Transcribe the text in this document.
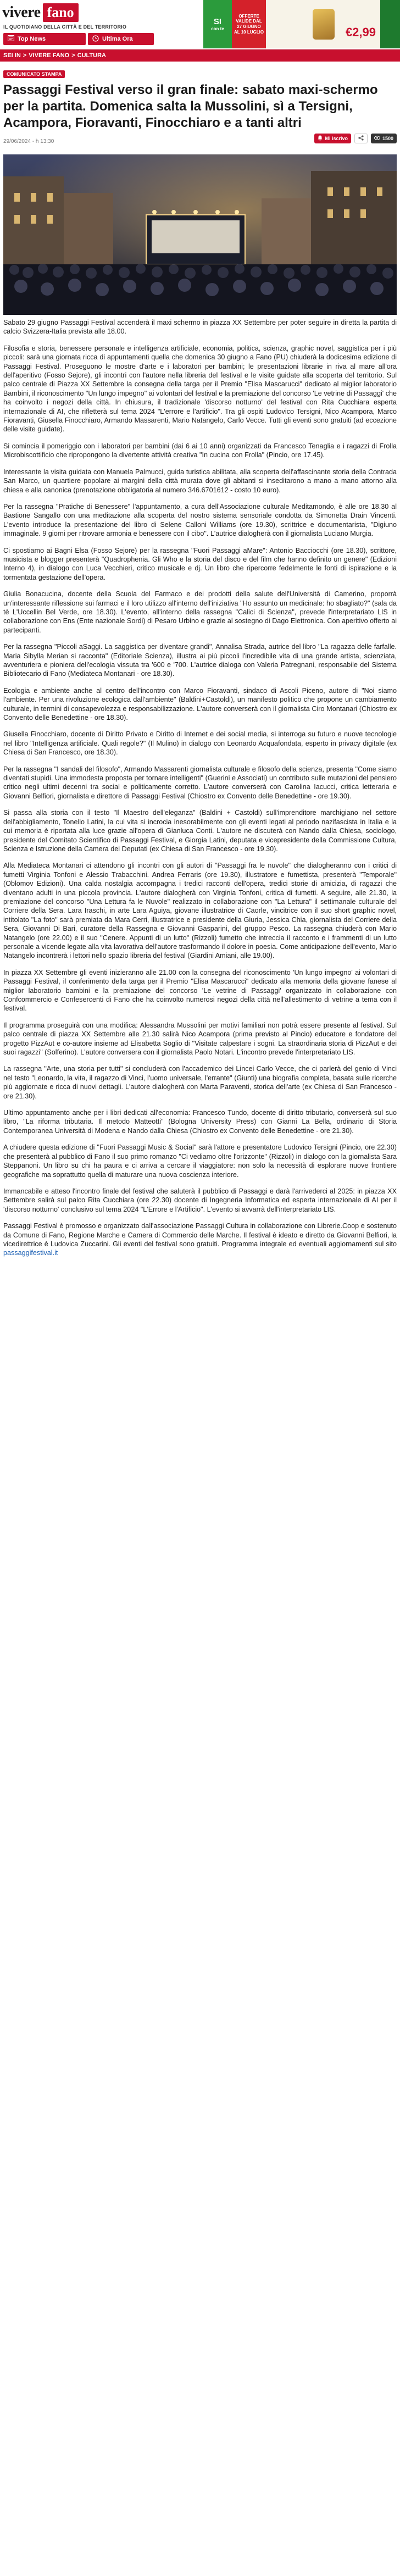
vivere fano
IL QUOTIDIANO DELLA CITTÀ E DEL TERRITORIO
Top News	Ultima Ora
SI
con te
OFFERTE VALIDE DAL 27 GIUGNO AL 10 LUGLIO	€2,99
SEI IN > VIVERE FANO > CULTURA
COMUNICATO STAMPA
Passaggi Festival verso il gran finale: sabato maxi-schermo per la partita. Domenica salta la Mussolini, sì a Tersigni, Acampora, Fioravanti, Finocchiaro e a tanti altri
29/06/2024 - h 13:30	Mi iscrivo	1500

Sabato 29 giugno Passaggi Festival accenderà il maxi schermo in piazza XX Settembre per poter seguire in diretta la partita di calcio Svizzera-Italia prevista alle 18.00.

Filosofia e storia, benessere personale e intelligenza artificiale, economia, politica, scienza, graphic novel, saggistica per i più piccoli: sarà una giornata ricca di appuntamenti quella che domenica 30 giugno a Fano (PU) chiuderà la dodicesima edizione di Passaggi Festival. Proseguono le mostre d'arte e i laboratori per bambini; le presentazioni librarie in riva al mare all'ora dell'aperitivo (Fosso Sejore), gli incontri con l'autore nella libreria del festival e le visite guidate alla scoperta del territorio. Sul palco centrale di Piazza XX Settembre la consegna della targa per il Premio "Elisa Mascarucci" dedicato al miglior laboratorio Bambini, il riconoscimento "Un lungo impegno" ai volontari del festival e la premiazione del concorso 'Le vetrine di Passaggi' che ha coinvolto i negozi della città. In chiusura, il tradizionale 'discorso notturno' del festival con Rita Cucchiara esperta internazionale di AI, che rifletterà sul tema 2024 "L'errore e l'artificio". Tra gli ospiti Ludovico Tersigni, Nico Acampora, Marco Fioravanti, Giusella Finocchiaro, Armando Massarenti, Mario Natangelo, Carlo Vecce. Tutti gli eventi sono gratuiti (ad eccezione delle visite guidate).

Si comincia il pomeriggio con i laboratori per bambini (dai 6 ai 10 anni) organizzati da Francesco Tenaglia e i ragazzi di Frolla Microbiscottificio che ripropongono la divertente attività creativa "In cucina con Frolla" (Pincio, ore 17.45).

Interessante la visita guidata con Manuela Palmucci, guida turistica abilitata, alla scoperta dell'affascinante storia della Contrada San Marco, un quartiere popolare ai margini della città murata dove gli abitanti si inseditarono a mano a mano attorno alla chiesa e alla canonica (prenotazione obbligatoria al numero 346.6701612 - costo 10 euro).

Per la rassegna "Pratiche di Benessere" l'appuntamento, a cura dell'Associazione culturale Meditamondo, è alle ore 18.30 al Bastione Sangallo con una meditazione alla scoperta del nostro sistema sensoriale condotta da Simonetta Drain Vincenti. L'evento introduce la presentazione del libro di Selene Calloni Williams (ore 19.30), scrittrice e documentarista, "Digiuno immaginale. 9 giorni per ritrovare armonia e benessere con il cibo". L'autrice dialogherà con il giornalista Luciano Murgia.

Ci spostiamo ai Bagni Elsa (Fosso Sejore) per la rassegna "Fuori Passaggi aMare": Antonio Bacciocchi (ore 18.30), scrittore, musicista e blogger presenterà "Quadrophenia. Gli Who e la storia del disco e del film che hanno definito un genere" (Edizioni Interno 4), in dialogo con Luca Vecchieri, critico musicale e dj. Un libro che ripercorre fedelmente le fonti di ispirazione e la tormentata gestazione dell'opera.

Giulia Bonacucina, docente della Scuola del Farmaco e dei prodotti della salute dell'Università di Camerino, proporrà un'interessante riflessione sui farmaci e il loro utilizzo all'interno dell'iniziativa "Ho assunto un medicinale: ho sbagliato?" (sala da tè L'Uccellin Bel Verde, ore 18.30). L'evento, all'interno della rassegna "Calici di Scienza", prevede l'interpretariato LIS in collaborazione con Ens (Ente nazionale Sordi) di Pesaro Urbino e grazie al sostegno di Dago Elettronica. Con aperitivo offerto ai partecipanti.

Per la rassegna "Piccoli aSaggi. La saggistica per diventare grandi", Annalisa Strada, autrice del libro "La ragazza delle farfalle. Maria Sibylla Merian si racconta" (Editoriale Scienza), illustra ai più piccoli l'incredibile vita di una grande artista, scienziata, avventuriera e pioniera dell'ecologia vissuta tra '600 e '700. L'autrice dialoga con Valeria Patregnani, responsabile del Sistema Bibliotecario di Fano (Mediateca Montanari - ore 18.30).

Ecologia e ambiente anche al centro dell'incontro con Marco Fioravanti, sindaco di Ascoli Piceno, autore di "Noi siamo l'ambiente. Per una rivoluzione ecologica dall'ambiente" (Baldini+Castoldi), un manifesto politico che propone un cambiamento culturale, in termini di consapevolezza e responsabilizzazione. L'autore converserà con il giornalista Ciro Montanari (Chiostro ex Convento delle Benedettine - ore 18.30).

Giusella Finocchiaro, docente di Diritto Privato e Diritto di Internet e dei social media, si interroga su futuro e nuove tecnologie nel libro "Intelligenza artificiale. Quali regole?" (Il Mulino) in dialogo con Leonardo Acquafondata, esperto in privacy digitale (ex Chiesa di San Francesco, ore 18.30).

Per la rassegna "I sandali del filosofo", Armando Massarenti giornalista culturale e filosofo della scienza, presenta "Come siamo diventati stupidi. Una immodesta proposta per tornare intelligenti" (Guerini e Associati) un contributo sulle mutazioni del pensiero critico negli ultimi decenni tra social e politicamente corretto. L'autore converserà con Carolina Iacucci, critica letteraria e Giovanni Belfiori, giornalista e direttore di Passaggi Festival (Chiostro ex Convento delle Benedettine - ore 19.30).

Si passa alla storia con il testo "Il Maestro dell'eleganza" (Baldini + Castoldi) sull'imprenditore marchigiano nel settore dell'abbigliamento, Tonello Latini, la cui vita si incrocia inesorabilmente con gli eventi legati al periodo nazifascista in Italia e la cui memoria è riportata alla luce grazie all'opera di Gianluca Conti. L'autore ne discuterà con Nando dalla Chiesa, sociologo, presidente del Comitato Scientifico di Passaggi Festival, e Giorgia Latini, deputata e vicepresidente della Commissione Cultura, Scienza e Istruzione della Camera dei Deputati (ex Chiesa di San Francesco - ore 19.30).

Alla Mediateca Montanari ci attendono gli incontri con gli autori di "Passaggi fra le nuvole" che dialogheranno con i critici di fumetti Virginia Tonfoni e Alessio Trabacchini. Andrea Ferraris (ore 19.30), illustratore e fumettista, presenterà "Temporale" (Oblomov Edizioni). Una calda nostalgia accompagna i tredici racconti dell'opera, tredici storie di amicizia, di ragazzi che diventano adulti in una piccola provincia. L'autore dialogherà con Virginia Tonfoni, critica di fumetti. A seguire, alle 21.30, la premiazione del concorso "Una Lettura fa le Nuvole" realizzato in collaborazione con "La Lettura" il settimanale culturale del Corriere della Sera. Lara Iraschi, in arte Lara Aguiya, giovane illustratrice di Caorle, vincitrice con il suo short graphic novel, intitolato "La foto" sarà premiata da Mara Cerri, illustratrice e presidente della Giuria, Jessica Chia, giornalista del Corriere della Sera, Giovanni Di Bari, curatore della Rassegna e Giovanni Gasparini, del gruppo Pesco. La rassegna chiuderà con Mario Natangelo (ore 22.00) e il suo "Cenere. Appunti di un lutto" (Rizzoli) fumetto che intreccia il racconto e i frammenti di un lutto personale a vicende legate alla vita lavorativa dell'autore trasformando il dolore in poesia. Come anticipazione dell'evento, Mario Natangelo incontrerà i lettori nello spazio libreria del festival (Giardini Amiani, alle 19.00).

In piazza XX Settembre gli eventi inizieranno alle 21.00 con la consegna del riconoscimento 'Un lungo impegno' ai volontari di Passaggi Festival, il conferimento della targa per il Premio "Elisa Mascarucci" dedicato alla memoria della giovane fanese al miglior laboratorio bambini e la premiazione del concorso 'Le vetrine di Passaggi' organizzato in collaborazione con Confcommercio e Confesercenti di Fano che ha coinvolto numerosi negozi della città nell'allestimento di vetrine a tema con il festival.

Il programma proseguirà con una modifica: Alessandra Mussolini per motivi familiari non potrà essere presente al festival. Sul palco centrale di piazza XX Settembre alle 21.30 salirà Nico Acampora (prima previsto al Pincio) educatore e fondatore del progetto PizzAut e co-autore insieme ad Elisabetta Soglio di "Visitate calpestare i sogni. La straordinaria storia di PizzAut e dei suoi ragazzi" (Solferino). L'autore conversera con il giornalista Paolo Notari. L'incontro prevede l'interpretariato LIS.

La rassegna "Arte, una storia per tutti" si concluderà con l'accademico dei Lincei Carlo Vecce, che ci parlerà del genio di Vinci nel testo "Leonardo, la vita, il ragazzo di Vinci, l'uomo universale, l'errante" (Giunti) una biografia completa, basata sulle ricerche più aggiornate e ricca di nuovi dettagli. L'autore dialogherà con Marta Paraventi, storica dell'arte (ex Chiesa di San Francesco - ore 21.30).

Ultimo appuntamento anche per i libri dedicati all'economia: Francesco Tundo, docente di diritto tributario, converserà sul suo libro, "La riforma tributaria. Il metodo Matteotti" (Bologna University Press) con Gianni La Bella, ordinario di Storia Contemporanea Università di Modena e Nando dalla Chiesa (Chiostro ex Convento delle Benedettine - ore 21.30).

A chiudere questa edizione di "Fuori Passaggi Music & Social" sarà l'attore e presentatore Ludovico Tersigni (Pincio, ore 22.30) che presenterà al pubblico di Fano il suo primo romanzo "Ci vediamo oltre l'orizzonte" (Rizzoli) in dialogo con la giornalista Sara Steppanoni. Un libro su chi ha paura e ci arriva a cercare il viaggiatore: non solo la necessità di esplorare nuove frontiere geografiche ma soprattutto quella di maturare una nuova coscienza interiore.

Immancabile e atteso l'incontro finale del festival che saluterà il pubblico di Passaggi e darà l'arrivederci al 2025: in piazza XX Settembre salirà sul palco Rita Cucchiara (ore 22.30) docente di Ingegneria Informatica ed esperta internazionale di AI per il 'discorso notturno' conclusivo sul tema 2024 "L'Errore e l'Artificio". L'evento si avvarrà dell'interpretariato LIS.

Passaggi Festival è promosso e organizzato dall'associazione Passaggi Cultura in collaborazione con Librerie.Coop e sostenuto da Comune di Fano, Regione Marche e Camera di Commercio delle Marche. Il festival è ideato e diretto da Giovanni Belfiori, la vicedirettrice è Ludovica Zuccarini. Gli eventi del festival sono gratuiti. Programma integrale ed eventuali aggiornamenti sul sito passaggifestival.it
